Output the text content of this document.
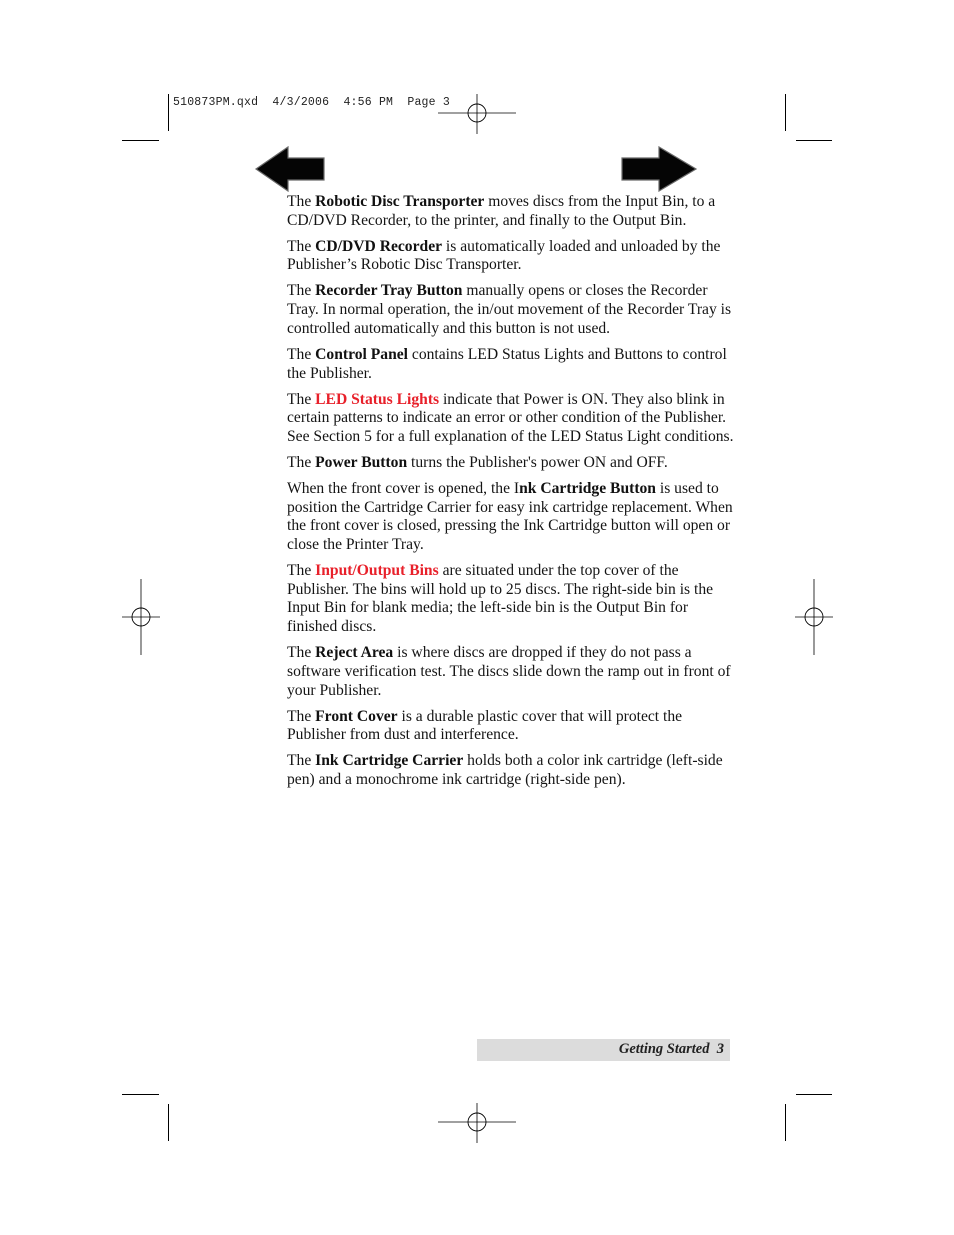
510873PM.qxd 4/3/2006 4:56 PM Page 3

The Robotic Disc Transporter moves discs from the Input Bin, to a CD/DVD Recorder, to the printer, and finally to the Output Bin.

The CD/DVD Recorder is automatically loaded and unloaded by the Publisher’s Robotic Disc Transporter.

The Recorder Tray Button manually opens or closes the Recorder Tray. In normal operation, the in/out movement of the Recorder Tray is controlled automatically and this button is not used.

The Control Panel contains LED Status Lights and Buttons to control the Publisher.

The LED Status Lights indicate that Power is ON. They also blink in certain patterns to indicate an error or other condition of the Publisher. See Section 5 for a full explanation of the LED Status Light conditions.

The Power Button turns the Publisher's power ON and OFF.

When the front cover is opened, the Ink Cartridge Button is used to position the Cartridge Carrier for easy ink cartridge replacement. When the front cover is closed, pressing the Ink Cartridge button will open or close the Printer Tray.

The Input/Output Bins are situated under the top cover of the Publisher. The bins will hold up to 25 discs. The right-side bin is the Input Bin for blank media; the left-side bin is the Output Bin for finished discs.

The Reject Area is where discs are dropped if they do not pass a software verification test. The discs slide down the ramp out in front of your Publisher.

The Front Cover is a durable plastic cover that will protect the Publisher from dust and interference.

The Ink Cartridge Carrier holds both a color ink cartridge (left-side pen) and a monochrome ink cartridge (right-side pen).

Getting Started 3
